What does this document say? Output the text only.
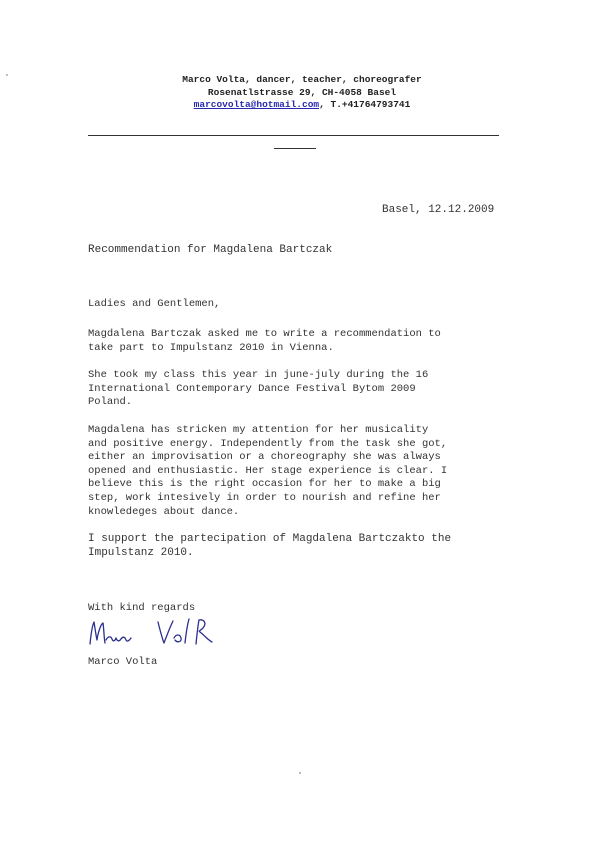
Marco Volta, dancer, teacher, choreografer
Rosenatlstrasse 29, CH-4058 Basel
marcovolta@hotmail.com, T.+41764793741
Basel, 12.12.2009
Recommendation for Magdalena Bartczak

Ladies and Gentlemen,

Magdalena Bartczak asked me to write a recommendation to
take part to Impulstanz 2010 in Vienna.

She took my class this year in june-july during the 16
International Contemporary Dance Festival Bytom 2009
Poland.

Magdalena has stricken my attention for her musicality
and positive energy. Independently from the task she got,
either an improvisation or a choreography she was always
opened and enthusiastic. Her stage experience is clear. I
believe this is the right occasion for her to make a big
step, work intesively in order to nourish and refine her
knowledeges about dance.

I support the partecipation of Magdalena Bartczakto the
Impulstanz 2010.

With kind regards
Marco Volta
